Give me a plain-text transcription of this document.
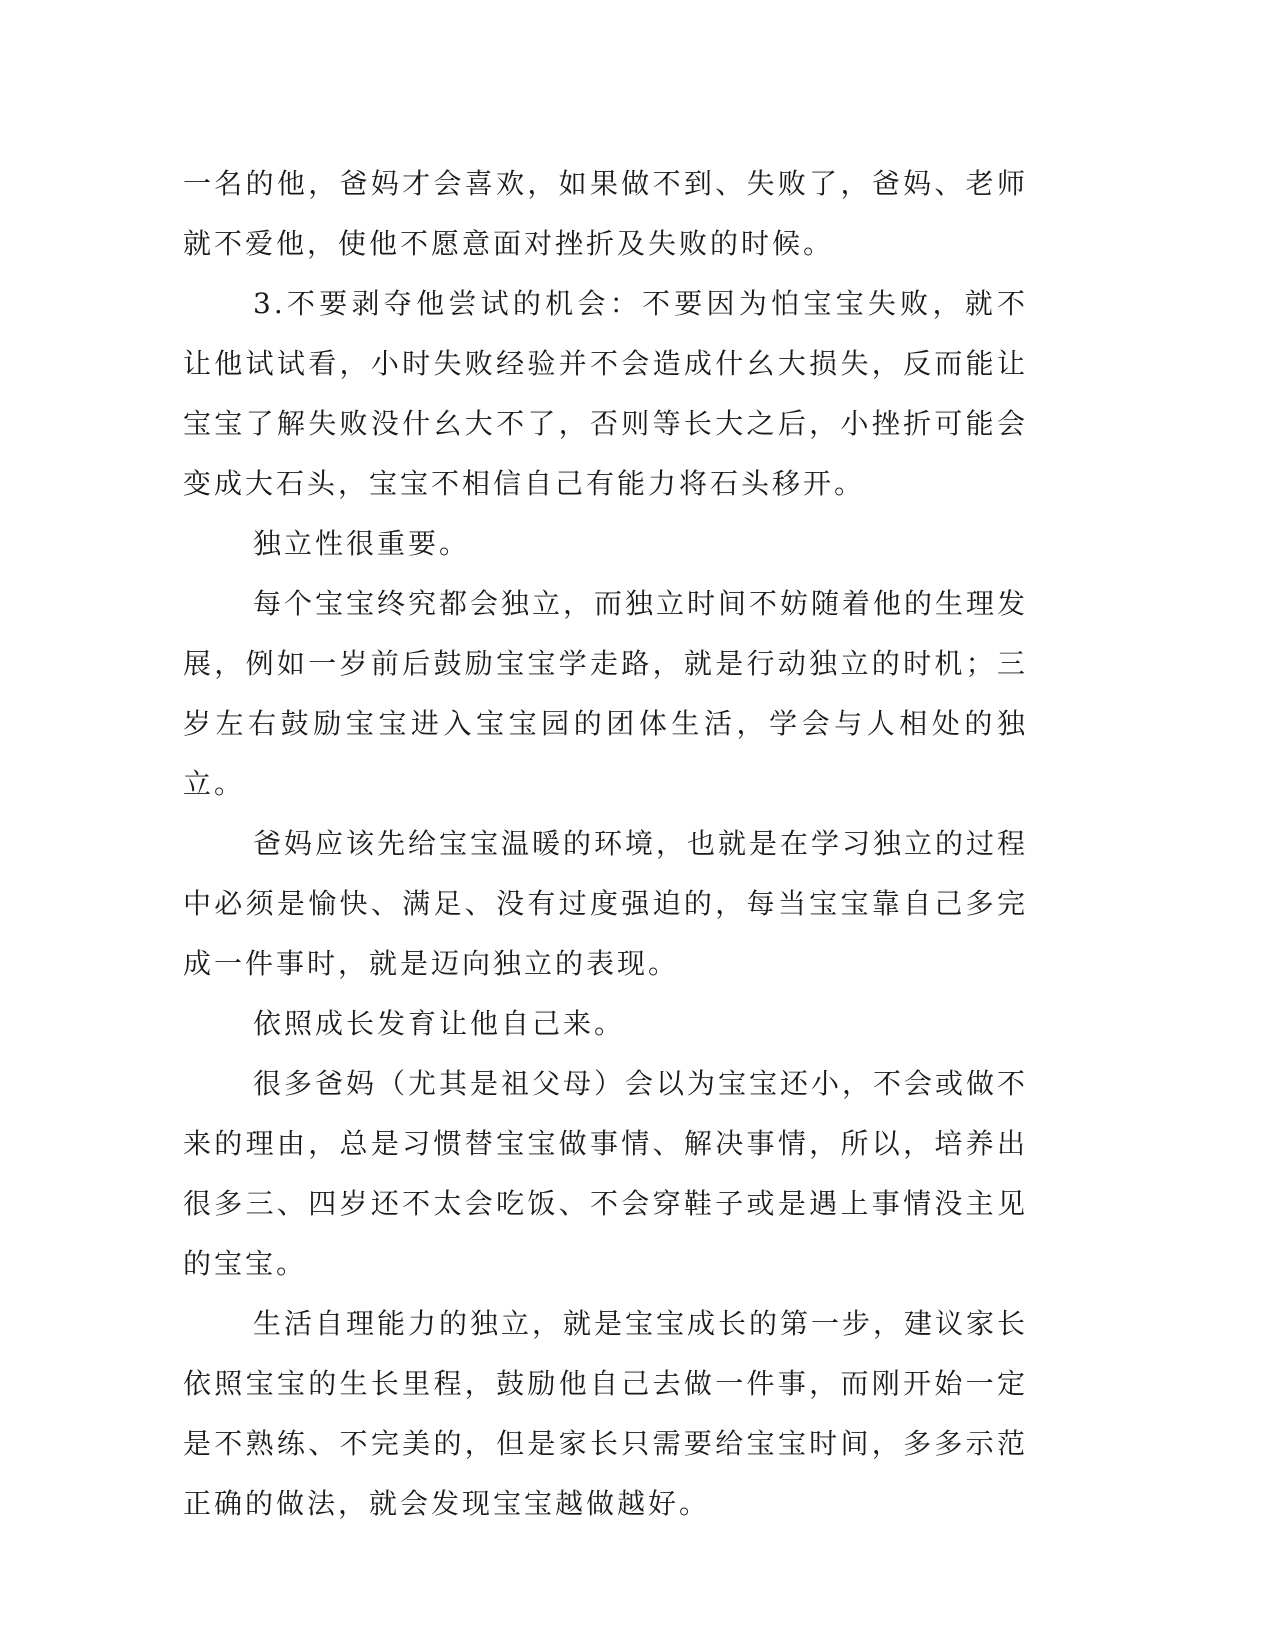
一名的他，爸妈才会喜欢，如果做不到、失败了，爸妈、老师就不爱他，使他不愿意面对挫折及失败的时候。

3.不要剥夺他尝试的机会：不要因为怕宝宝失败，就不让他试试看，小时失败经验并不会造成什幺大损失，反而能让宝宝了解失败没什幺大不了，否则等长大之后，小挫折可能会变成大石头，宝宝不相信自己有能力将石头移开。

独立性很重要。

每个宝宝终究都会独立，而独立时间不妨随着他的生理发展，例如一岁前后鼓励宝宝学走路，就是行动独立的时机；三岁左右鼓励宝宝进入宝宝园的团体生活，学会与人相处的独立。

爸妈应该先给宝宝温暖的环境，也就是在学习独立的过程中必须是愉快、满足、没有过度强迫的，每当宝宝靠自己多完成一件事时，就是迈向独立的表现。

依照成长发育让他自己来。

很多爸妈（尤其是祖父母）会以为宝宝还小，不会或做不来的理由，总是习惯替宝宝做事情、解决事情，所以，培养出很多三、四岁还不太会吃饭、不会穿鞋子或是遇上事情没主见的宝宝。

生活自理能力的独立，就是宝宝成长的第一步，建议家长依照宝宝的生长里程，鼓励他自己去做一件事，而刚开始一定是不熟练、不完美的，但是家长只需要给宝宝时间，多多示范正确的做法，就会发现宝宝越做越好。
